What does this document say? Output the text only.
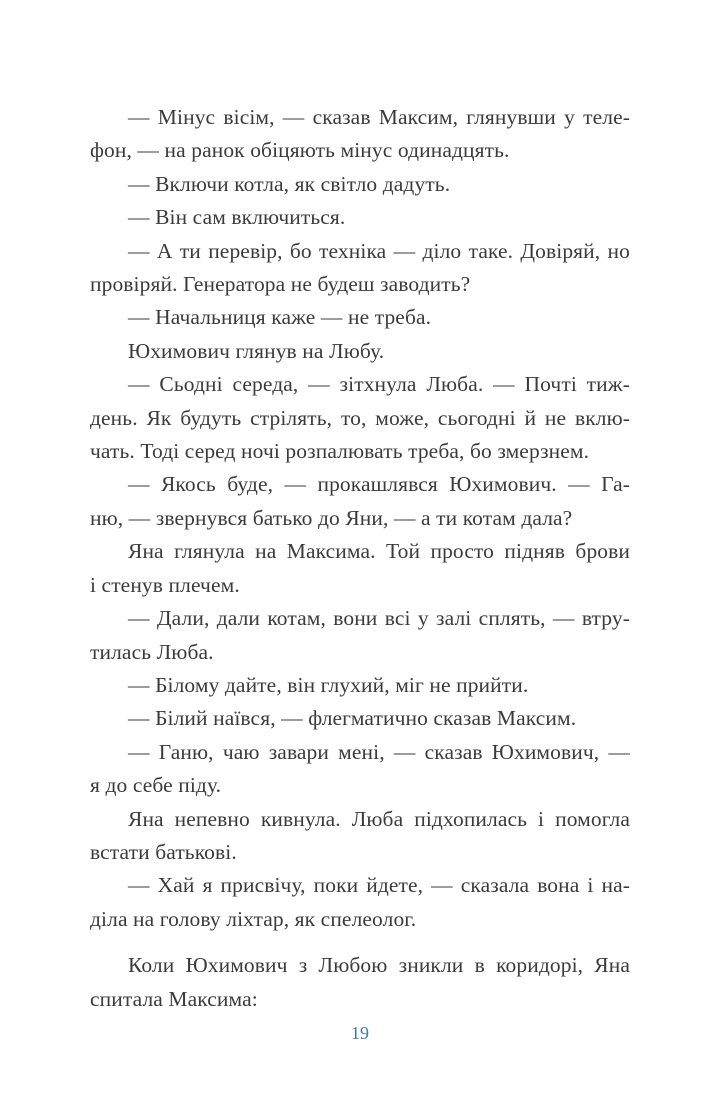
— Мінус вісім, — сказав Максим, глянувши у теле-
фон, — на ранок обіцяють мінус одинадцять.
— Включи котла, як світло дадуть.
— Він сам включиться.
— А ти перевір, бо техніка — діло таке. Довіряй, но
провіряй. Генератора не будеш заводить?
— Начальниця каже — не треба.
Юхимович глянув на Любу.
— Сьодні середа, — зітхнула Люба. — Почті тиж-
день. Як будуть стрілять, то, може, сьогодні й не вклю-
чать. Тоді серед ночі розпалювать треба, бо змерзнем.
— Якось буде, — прокашлявся Юхимович. — Га-
ню, — звернувся батько до Яни, — а ти котам дала?
Яна глянула на Максима. Той просто підняв брови
і стенув плечем.
— Дали, дали котам, вони всі у залі сплять, — втру-
тилась Люба.
— Білому дайте, він глухий, міг не прийти.
— Білий наївся, — флегматично сказав Максим.
— Ганю, чаю завари мені, — сказав Юхимович, —
я до себе піду.
Яна непевно кивнула. Люба підхопилась і помогла
встати батькові.
— Хай я присвічу, поки йдете, — сказала вона і на-
діла на голову ліхтар, як спелеолог.
Коли Юхимович з Любою зникли в коридорі, Яна
спитала Максима:
19
